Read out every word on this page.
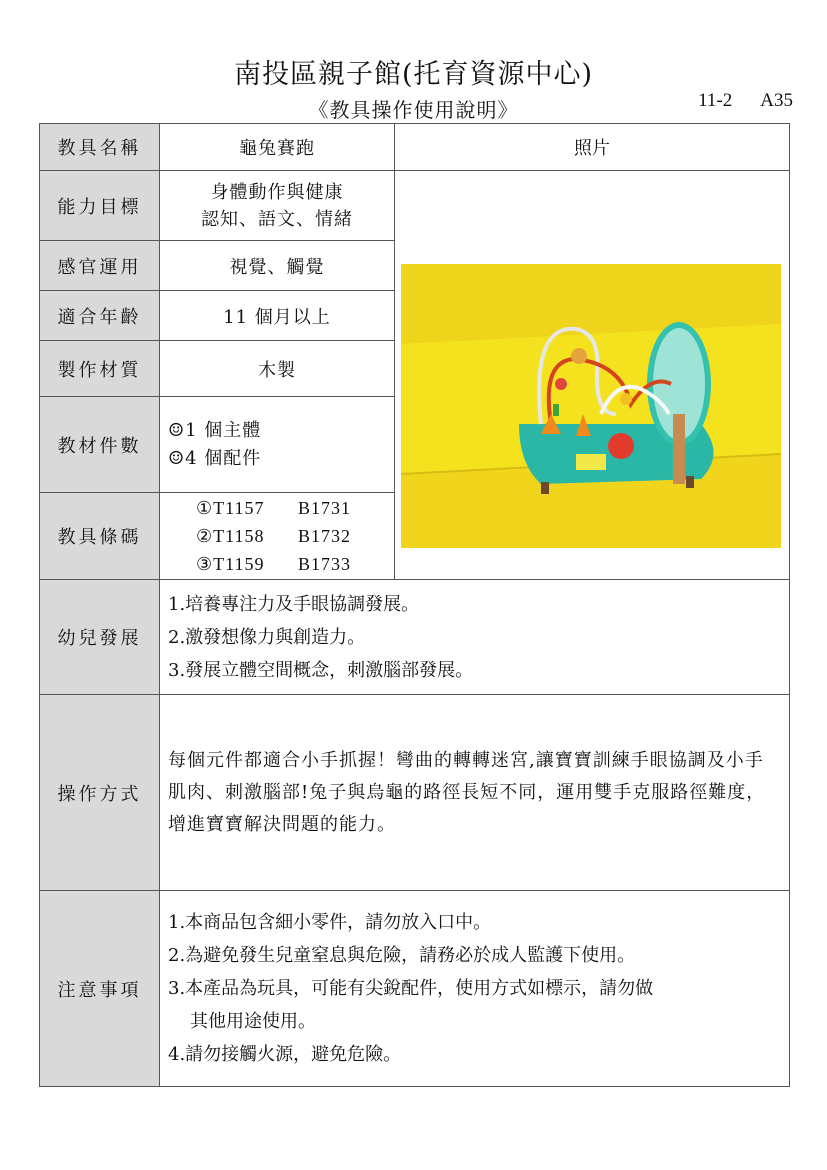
南投區親子館(托育資源中心)
《教具操作使用說明》	11-2 A35
教具名稱	龜兔賽跑	照片
能力目標	身體動作與健康
認知、語文、情緒

感官運用	視覺、觸覺	
適合年齡	11 個月以上	
製作材質	木製	
教材件數	☺1 個主體
☺4 個配件	

教具條碼	①T1157 B1731
②T1158 B1732
③T1159 B1733	

幼兒發展	1.培養專注力及手眼協調發展。
2.激發想像力與創造力。
3.發展立體空間概念，刺激腦部發展。	

操作方式	每個元件都適合小手抓握！彎曲的轉轉迷宮,讓寶寶訓練手眼協調及小手肌肉、刺激腦部!兔子與烏龜的路徑長短不同，運用雙手克服路徑難度，增進寶寶解決問題的能力。	
注意事項	1.本商品包含細小零件，請勿放入口中。
2.為避免發生兒童窒息與危險，請務必於成人監護下使用。
3.本產品為玩具，可能有尖銳配件，使用方式如標示，請勿做
其他用途使用。
4.請勿接觸火源，避免危險。	
